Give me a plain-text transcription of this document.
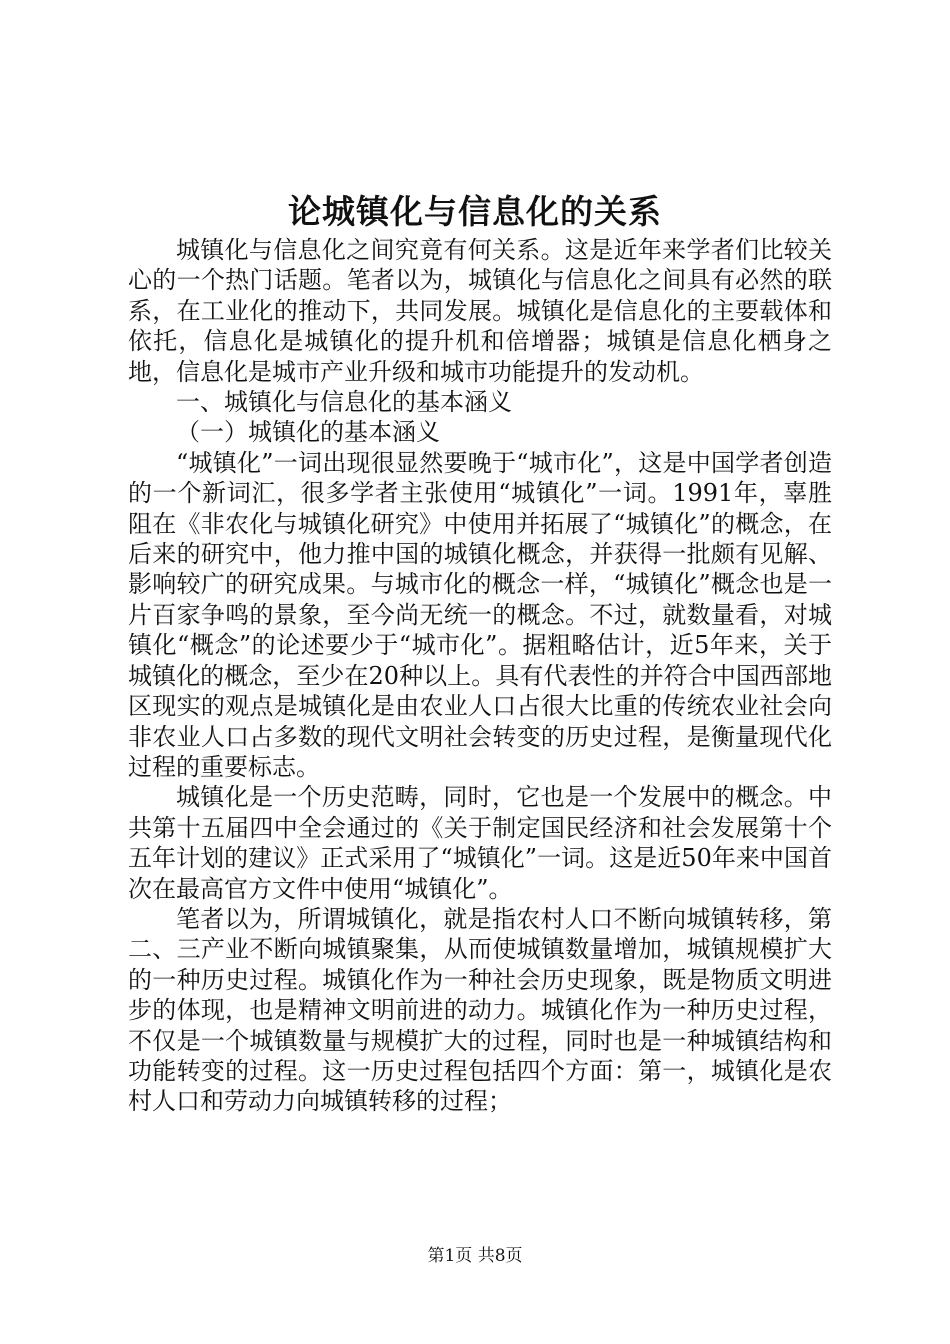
论城镇化与信息化的关系

城镇化与信息化之间究竟有何关系。这是近年来学者们比较关心的一个热门话题。笔者以为，城镇化与信息化之间具有必然的联系，在工业化的推动下，共同发展。城镇化是信息化的主要载体和依托，信息化是城镇化的提升机和倍增器；城镇是信息化栖身之地，信息化是城市产业升级和城市功能提升的发动机。

一、城镇化与信息化的基本涵义

（一）城镇化的基本涵义

“城镇化”一词出现很显然要晚于“城市化”，这是中国学者创造的一个新词汇，很多学者主张使用“城镇化”一词。1991年，辜胜阻在《非农化与城镇化研究》中使用并拓展了“城镇化”的概念，在后来的研究中，他力推中国的城镇化概念，并获得一批颇有见解、影响较广的研究成果。与城市化的概念一样，“城镇化”概念也是一片百家争鸣的景象，至今尚无统一的概念。不过，就数量看，对城镇化“概念”的论述要少于“城市化”。据粗略估计，近5年来，关于城镇化的概念，至少在20种以上。具有代表性的并符合中国西部地区现实的观点是城镇化是由农业人口占很大比重的传统农业社会向非农业人口占多数的现代文明社会转变的历史过程，是衡量现代化过程的重要标志。

城镇化是一个历史范畴，同时，它也是一个发展中的概念。中共第十五届四中全会通过的《关于制定国民经济和社会发展第十个五年计划的建议》正式采用了“城镇化”一词。这是近50年来中国首次在最高官方文件中使用“城镇化”。

笔者以为，所谓城镇化，就是指农村人口不断向城镇转移，第二、三产业不断向城镇聚集，从而使城镇数量增加，城镇规模扩大的一种历史过程。城镇化作为一种社会历史现象，既是物质文明进步的体现，也是精神文明前进的动力。城镇化作为一种历史过程，不仅是一个城镇数量与规模扩大的过程，同时也是一种城镇结构和功能转变的过程。这一历史过程包括四个方面：第一，城镇化是农村人口和劳动力向城镇转移的过程；

第1页 共8页
